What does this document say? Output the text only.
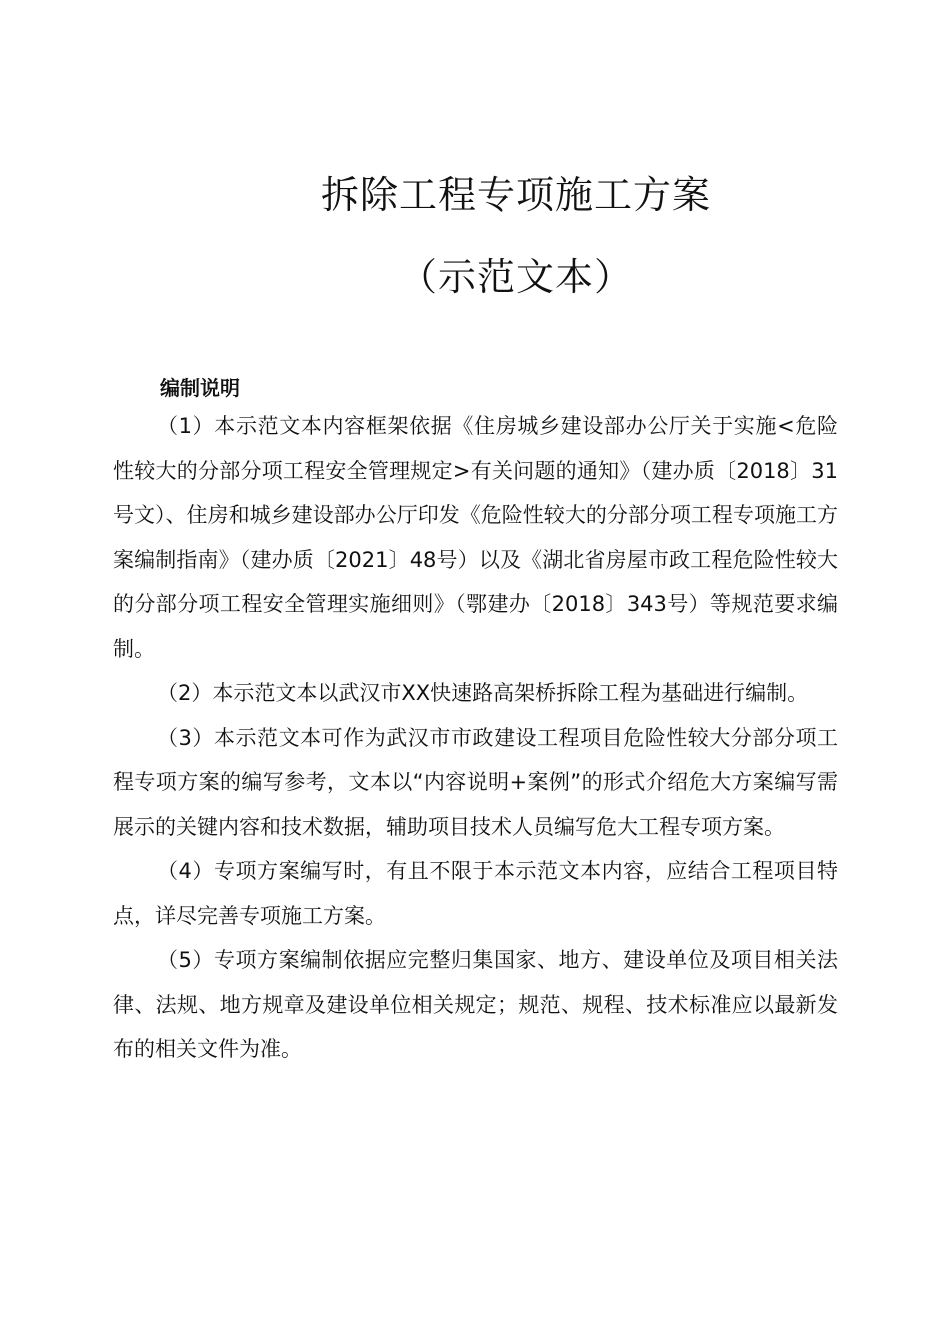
拆除工程专项施工方案
（示范文本）
编制说明

（1）本示范文本内容框架依据《住房城乡建设部办公厅关于实施<危险性较大的分部分项工程安全管理规定>有关问题的通知》（建办质〔2018〕31号文）、住房和城乡建设部办公厅印发《危险性较大的分部分项工程专项施工方案编制指南》（建办质〔2021〕48号）以及《湖北省房屋市政工程危险性较大的分部分项工程安全管理实施细则》（鄂建办〔2018〕343号）等规范要求编制。

（2）本示范文本以武汉市XX快速路高架桥拆除工程为基础进行编制。

（3）本示范文本可作为武汉市市政建设工程项目危险性较大分部分项工程专项方案的编写参考，文本以“内容说明+案例”的形式介绍危大方案编写需展示的关键内容和技术数据，辅助项目技术人员编写危大工程专项方案。

（4）专项方案编写时，有且不限于本示范文本内容，应结合工程项目特点，详尽完善专项施工方案。

（5）专项方案编制依据应完整归集国家、地方、建设单位及项目相关法律、法规、地方规章及建设单位相关规定；规范、规程、技术标准应以最新发布的相关文件为准。
